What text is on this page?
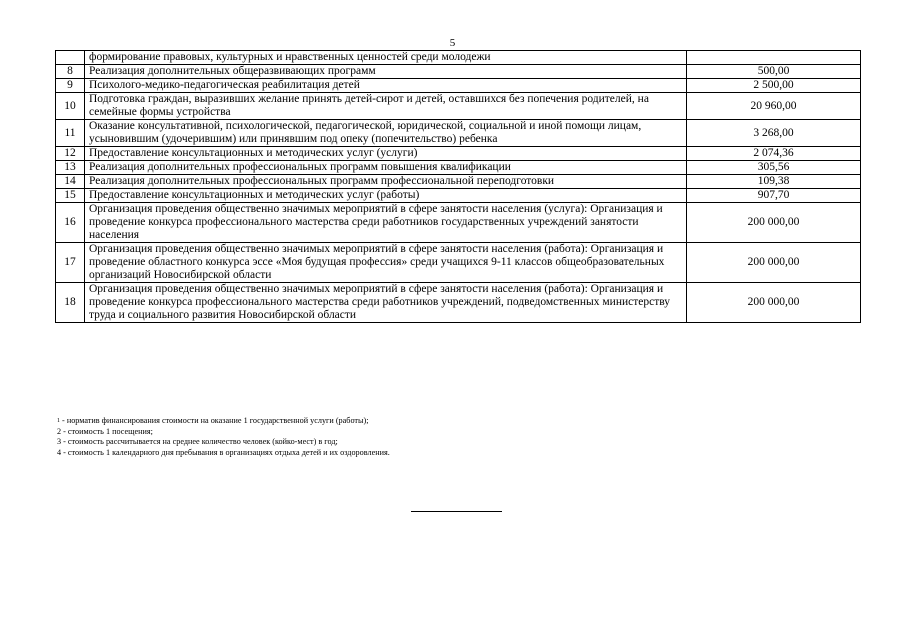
5
	формирование правовых, культурных и нравственных ценностей среди молодежи	
8	Реализация дополнительных общеразвивающих программ	500,00
9	Психолого-медико-педагогическая реабилитация детей	2 500,00
10	Подготовка граждан, выразивших желание принять детей-сирот и детей, оставшихся без попечения родителей, на семейные формы устройства	20 960,00
11	Оказание консультативной, психологической, педагогической, юридической, социальной и иной помощи лицам, усыновившим (удочерившим) или принявшим под опеку (попечительство) ребенка	3 268,00
12	Предоставление консультационных и методических услуг (услуги)	2 074,36
13	Реализация дополнительных профессиональных программ повышения квалификации	305,56
14	Реализация дополнительных профессиональных программ профессиональной переподготовки	109,38
15	Предоставление консультационных и методических услуг (работы)	907,70
16	Организация проведения общественно значимых мероприятий в сфере занятости населения (услуга): Организация и проведение конкурса профессионального мастерства среди работников государственных учреждений занятости населения	200 000,00
17	Организация проведения общественно значимых мероприятий в сфере занятости населения (работа): Организация и проведение областного конкурса эссе «Моя будущая профессия» среди учащихся 9-11 классов общеобразовательных организаций Новосибирской области	200 000,00
18	Организация проведения общественно значимых мероприятий в сфере занятости населения (работа): Организация и проведение конкурса профессионального мастерства среди работников учреждений, подведомственных министерству труда и социального развития Новосибирской области	200 000,00
$^1$ - норматив финансирования стоимости на оказание 1 государственной услуги (работы);
2 - стоимость 1 посещения;
3 - стоимость рассчитывается на среднее количество человек (койко-мест) в год;
4 - стоимость 1 календарного дня пребывания в организациях отдыха детей и их оздоровления.
